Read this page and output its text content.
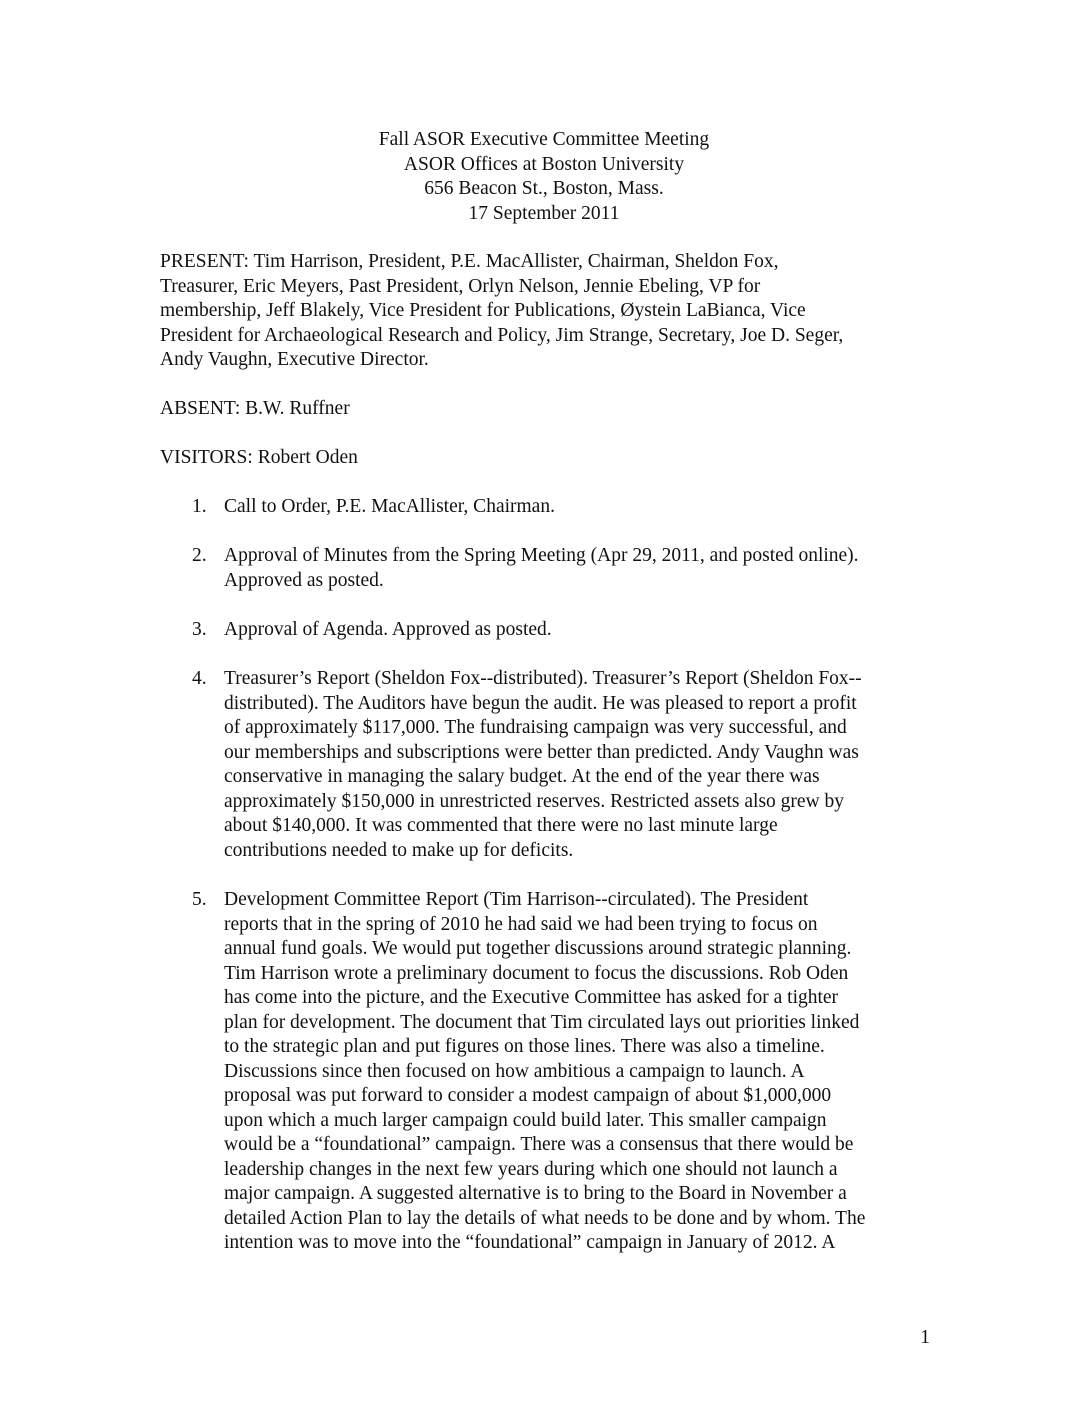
Fall ASOR Executive Committee Meeting
ASOR Offices at Boston University
656 Beacon St., Boston, Mass.
17 September 2011
PRESENT: Tim Harrison, President, P.E. MacAllister, Chairman, Sheldon Fox,
Treasurer, Eric Meyers, Past President, Orlyn Nelson, Jennie Ebeling, VP for
membership, Jeff Blakely, Vice President for Publications, Øystein LaBianca, Vice
President for Archaeological Research and Policy, Jim Strange, Secretary, Joe D. Seger,
Andy Vaughn, Executive Director.
ABSENT: B.W. Ruffner
VISITORS: Robert Oden
1. Call to Order, P.E. MacAllister, Chairman.
2. Approval of Minutes from the Spring Meeting (Apr 29, 2011, and posted online).
Approved as posted.
3. Approval of Agenda. Approved as posted.
4. Treasurer’s Report (Sheldon Fox--distributed). Treasurer’s Report (Sheldon Fox--
distributed). The Auditors have begun the audit. He was pleased to report a profit
of approximately $117,000. The fundraising campaign was very successful, and
our memberships and subscriptions were better than predicted. Andy Vaughn was
conservative in managing the salary budget. At the end of the year there was
approximately $150,000 in unrestricted reserves. Restricted assets also grew by
about $140,000. It was commented that there were no last minute large
contributions needed to make up for deficits.
5. Development Committee Report (Tim Harrison--circulated). The President
reports that in the spring of 2010 he had said we had been trying to focus on
annual fund goals. We would put together discussions around strategic planning.
Tim Harrison wrote a preliminary document to focus the discussions. Rob Oden
has come into the picture, and the Executive Committee has asked for a tighter
plan for development. The document that Tim circulated lays out priorities linked
to the strategic plan and put figures on those lines. There was also a timeline.
Discussions since then focused on how ambitious a campaign to launch. A
proposal was put forward to consider a modest campaign of about $1,000,000
upon which a much larger campaign could build later. This smaller campaign
would be a “foundational” campaign. There was a consensus that there would be
leadership changes in the next few years during which one should not launch a
major campaign. A suggested alternative is to bring to the Board in November a
detailed Action Plan to lay the details of what needs to be done and by whom. The
intention was to move into the “foundational” campaign in January of 2012. A
1
